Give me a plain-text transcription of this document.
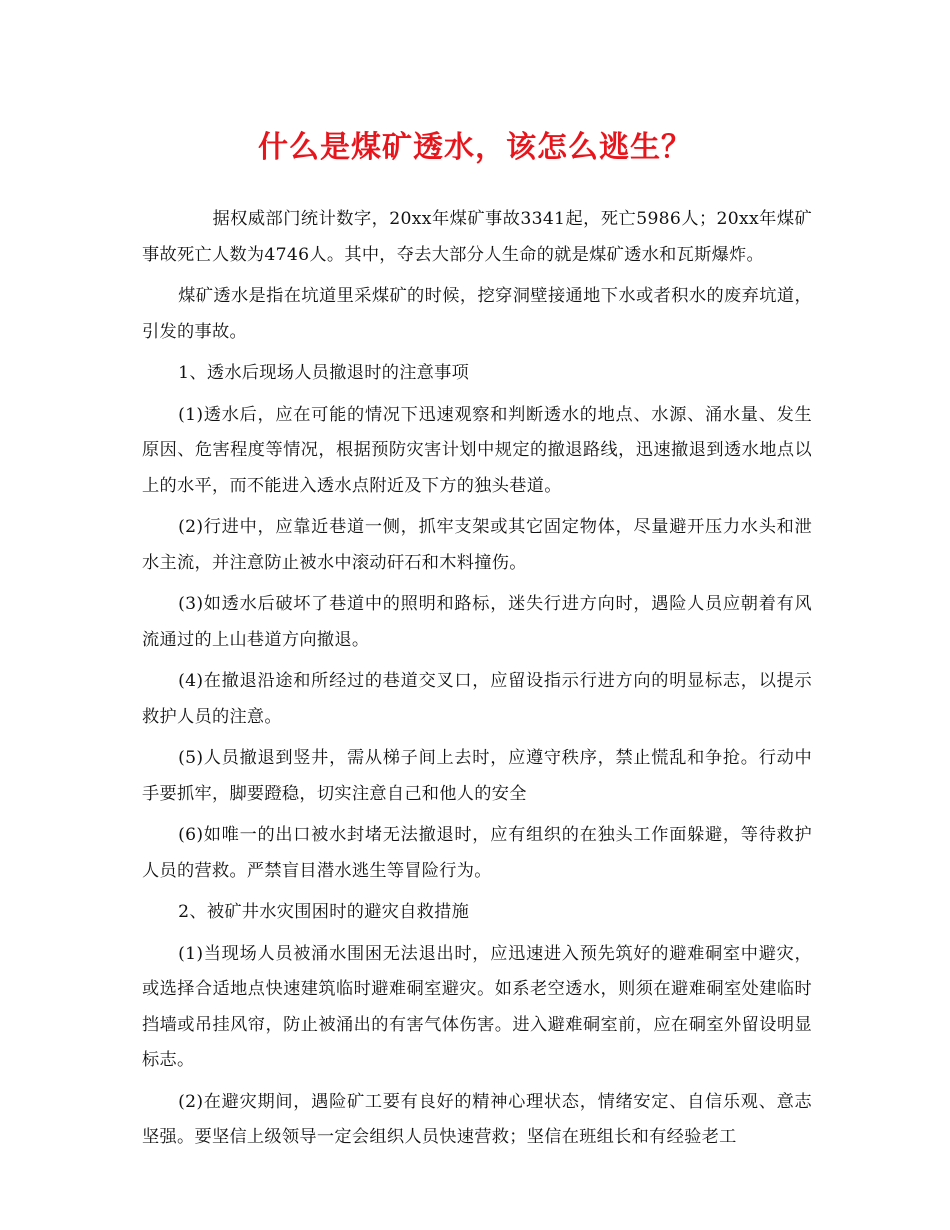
什么是煤矿透水，该怎么逃生？

据权威部门统计数字，20xx年煤矿事故3341起，死亡5986人；20xx年煤矿事故死亡人数为4746人。其中，夺去大部分人生命的就是煤矿透水和瓦斯爆炸。

煤矿透水是指在坑道里采煤矿的时候，挖穿洞壁接通地下水或者积水的废弃坑道，引发的事故。

1、透水后现场人员撤退时的注意事项

(1)透水后，应在可能的情况下迅速观察和判断透水的地点、水源、涌水量、发生原因、危害程度等情况，根据预防灾害计划中规定的撤退路线，迅速撤退到透水地点以上的水平，而不能进入透水点附近及下方的独头巷道。

(2)行进中，应靠近巷道一侧，抓牢支架或其它固定物体，尽量避开压力水头和泄水主流，并注意防止被水中滚动矸石和木料撞伤。

(3)如透水后破坏了巷道中的照明和路标，迷失行进方向时，遇险人员应朝着有风流通过的上山巷道方向撤退。

(4)在撤退沿途和所经过的巷道交叉口，应留设指示行进方向的明显标志，以提示救护人员的注意。

(5)人员撤退到竖井，需从梯子间上去时，应遵守秩序，禁止慌乱和争抢。行动中手要抓牢，脚要蹬稳，切实注意自己和他人的安全

(6)如唯一的出口被水封堵无法撤退时，应有组织的在独头工作面躲避，等待救护人员的营救。严禁盲目潜水逃生等冒险行为。

2、被矿井水灾围困时的避灾自救措施

(1)当现场人员被涌水围困无法退出时，应迅速进入预先筑好的避难硐室中避灾，或选择合适地点快速建筑临时避难硐室避灾。如系老空透水，则须在避难硐室处建临时挡墙或吊挂风帘，防止被涌出的有害气体伤害。进入避难硐室前，应在硐室外留设明显标志。

(2)在避灾期间，遇险矿工要有良好的精神心理状态，情绪安定、自信乐观、意志坚强。要坚信上级领导一定会组织人员快速营救；坚信在班组长和有经验老工
